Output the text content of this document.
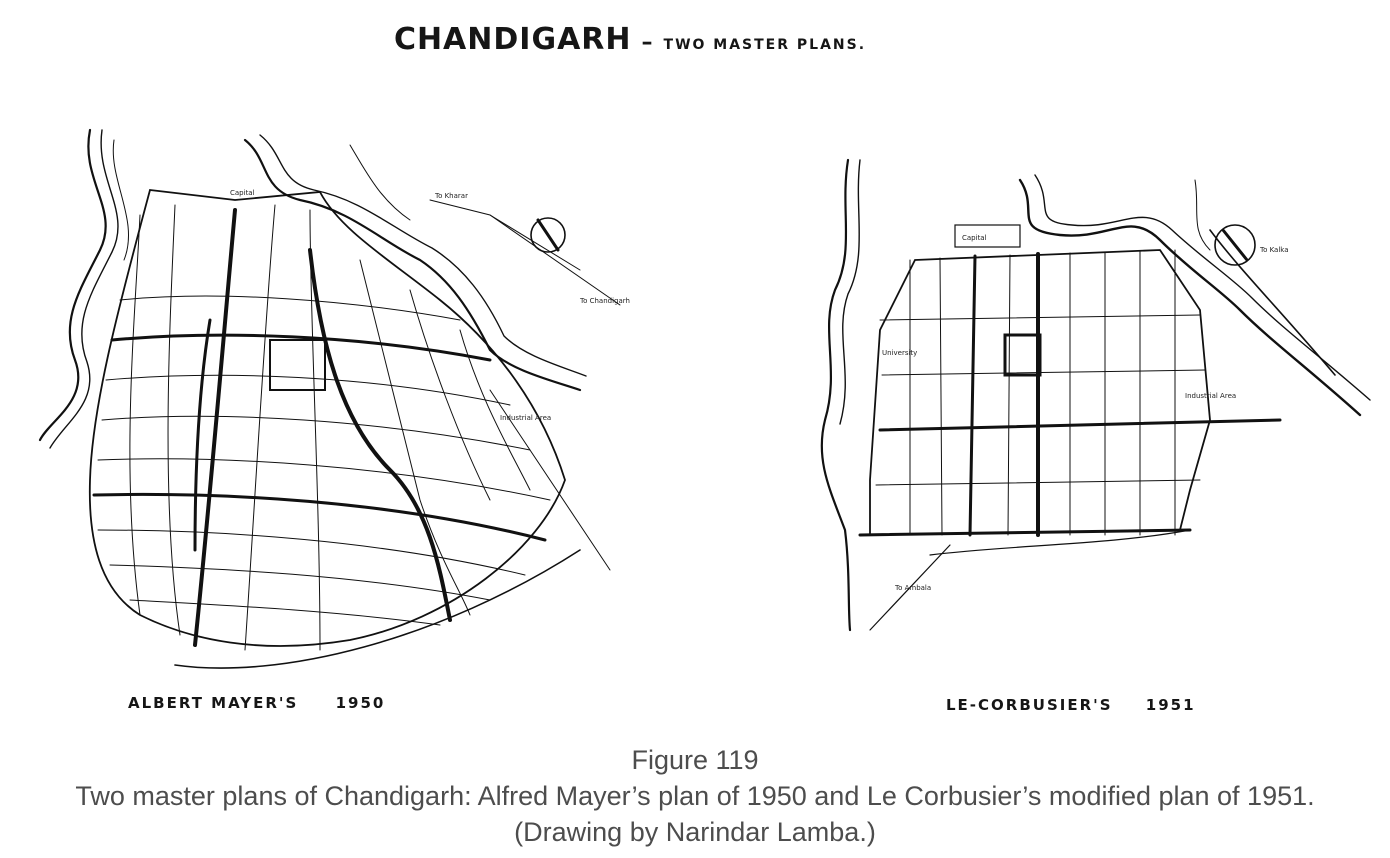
CHANDIGARH – TWO MASTER PLANS.
Capital	To Kharar
To Chandigarh
Industrial Area
Capital
University
Industrial Area
To Kalka
To Ambala
ALBERT MAYER'S 1950	LE-CORBUSIER'S 1951
Figure 119
Two master plans of Chandigarh: Alfred Mayer’s plan of 1950 and Le Corbusier’s modified plan of 1951. (Drawing by Narindar Lamba.)
